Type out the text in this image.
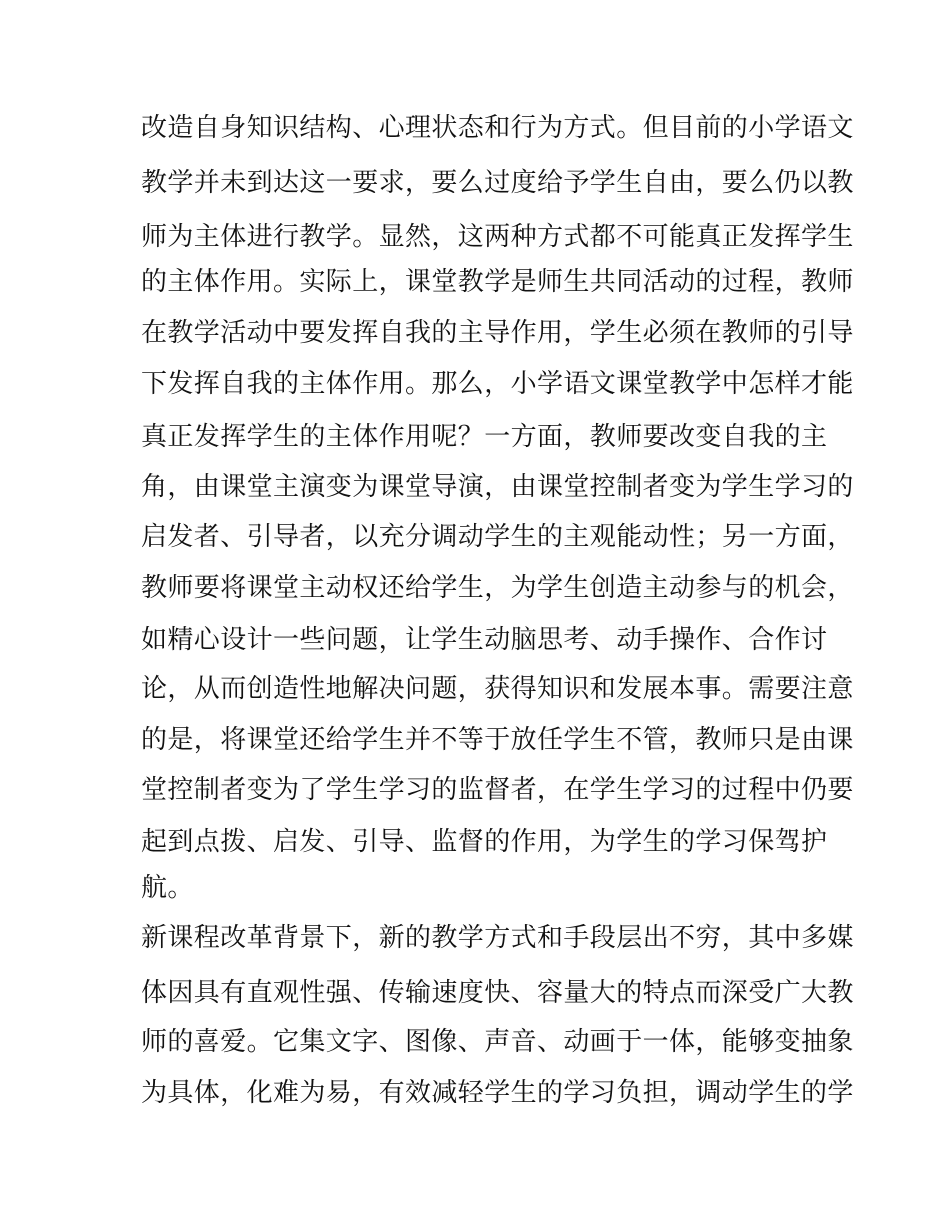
改造自身知识结构、心理状态和行为方式。但目前的小学语文
教学并未到达这一要求，要么过度给予学生自由，要么仍以教
师为主体进行教学。显然，这两种方式都不可能真正发挥学生
的主体作用。实际上，课堂教学是师生共同活动的过程，教师
在教学活动中要发挥自我的主导作用，学生必须在教师的引导
下发挥自我的主体作用。那么，小学语文课堂教学中怎样才能
真正发挥学生的主体作用呢？一方面，教师要改变自我的主
角，由课堂主演变为课堂导演，由课堂控制者变为学生学习的
启发者、引导者，以充分调动学生的主观能动性；另一方面，
教师要将课堂主动权还给学生，为学生创造主动参与的机会，
如精心设计一些问题，让学生动脑思考、动手操作、合作讨
论，从而创造性地解决问题，获得知识和发展本事。需要注意
的是，将课堂还给学生并不等于放任学生不管，教师只是由课
堂控制者变为了学生学习的监督者，在学生学习的过程中仍要
起到点拨、启发、引导、监督的作用，为学生的学习保驾护
航。
新课程改革背景下，新的教学方式和手段层出不穷，其中多媒
体因具有直观性强、传输速度快、容量大的特点而深受广大教
师的喜爱。它集文字、图像、声音、动画于一体，能够变抽象
为具体，化难为易，有效减轻学生的学习负担，调动学生的学
